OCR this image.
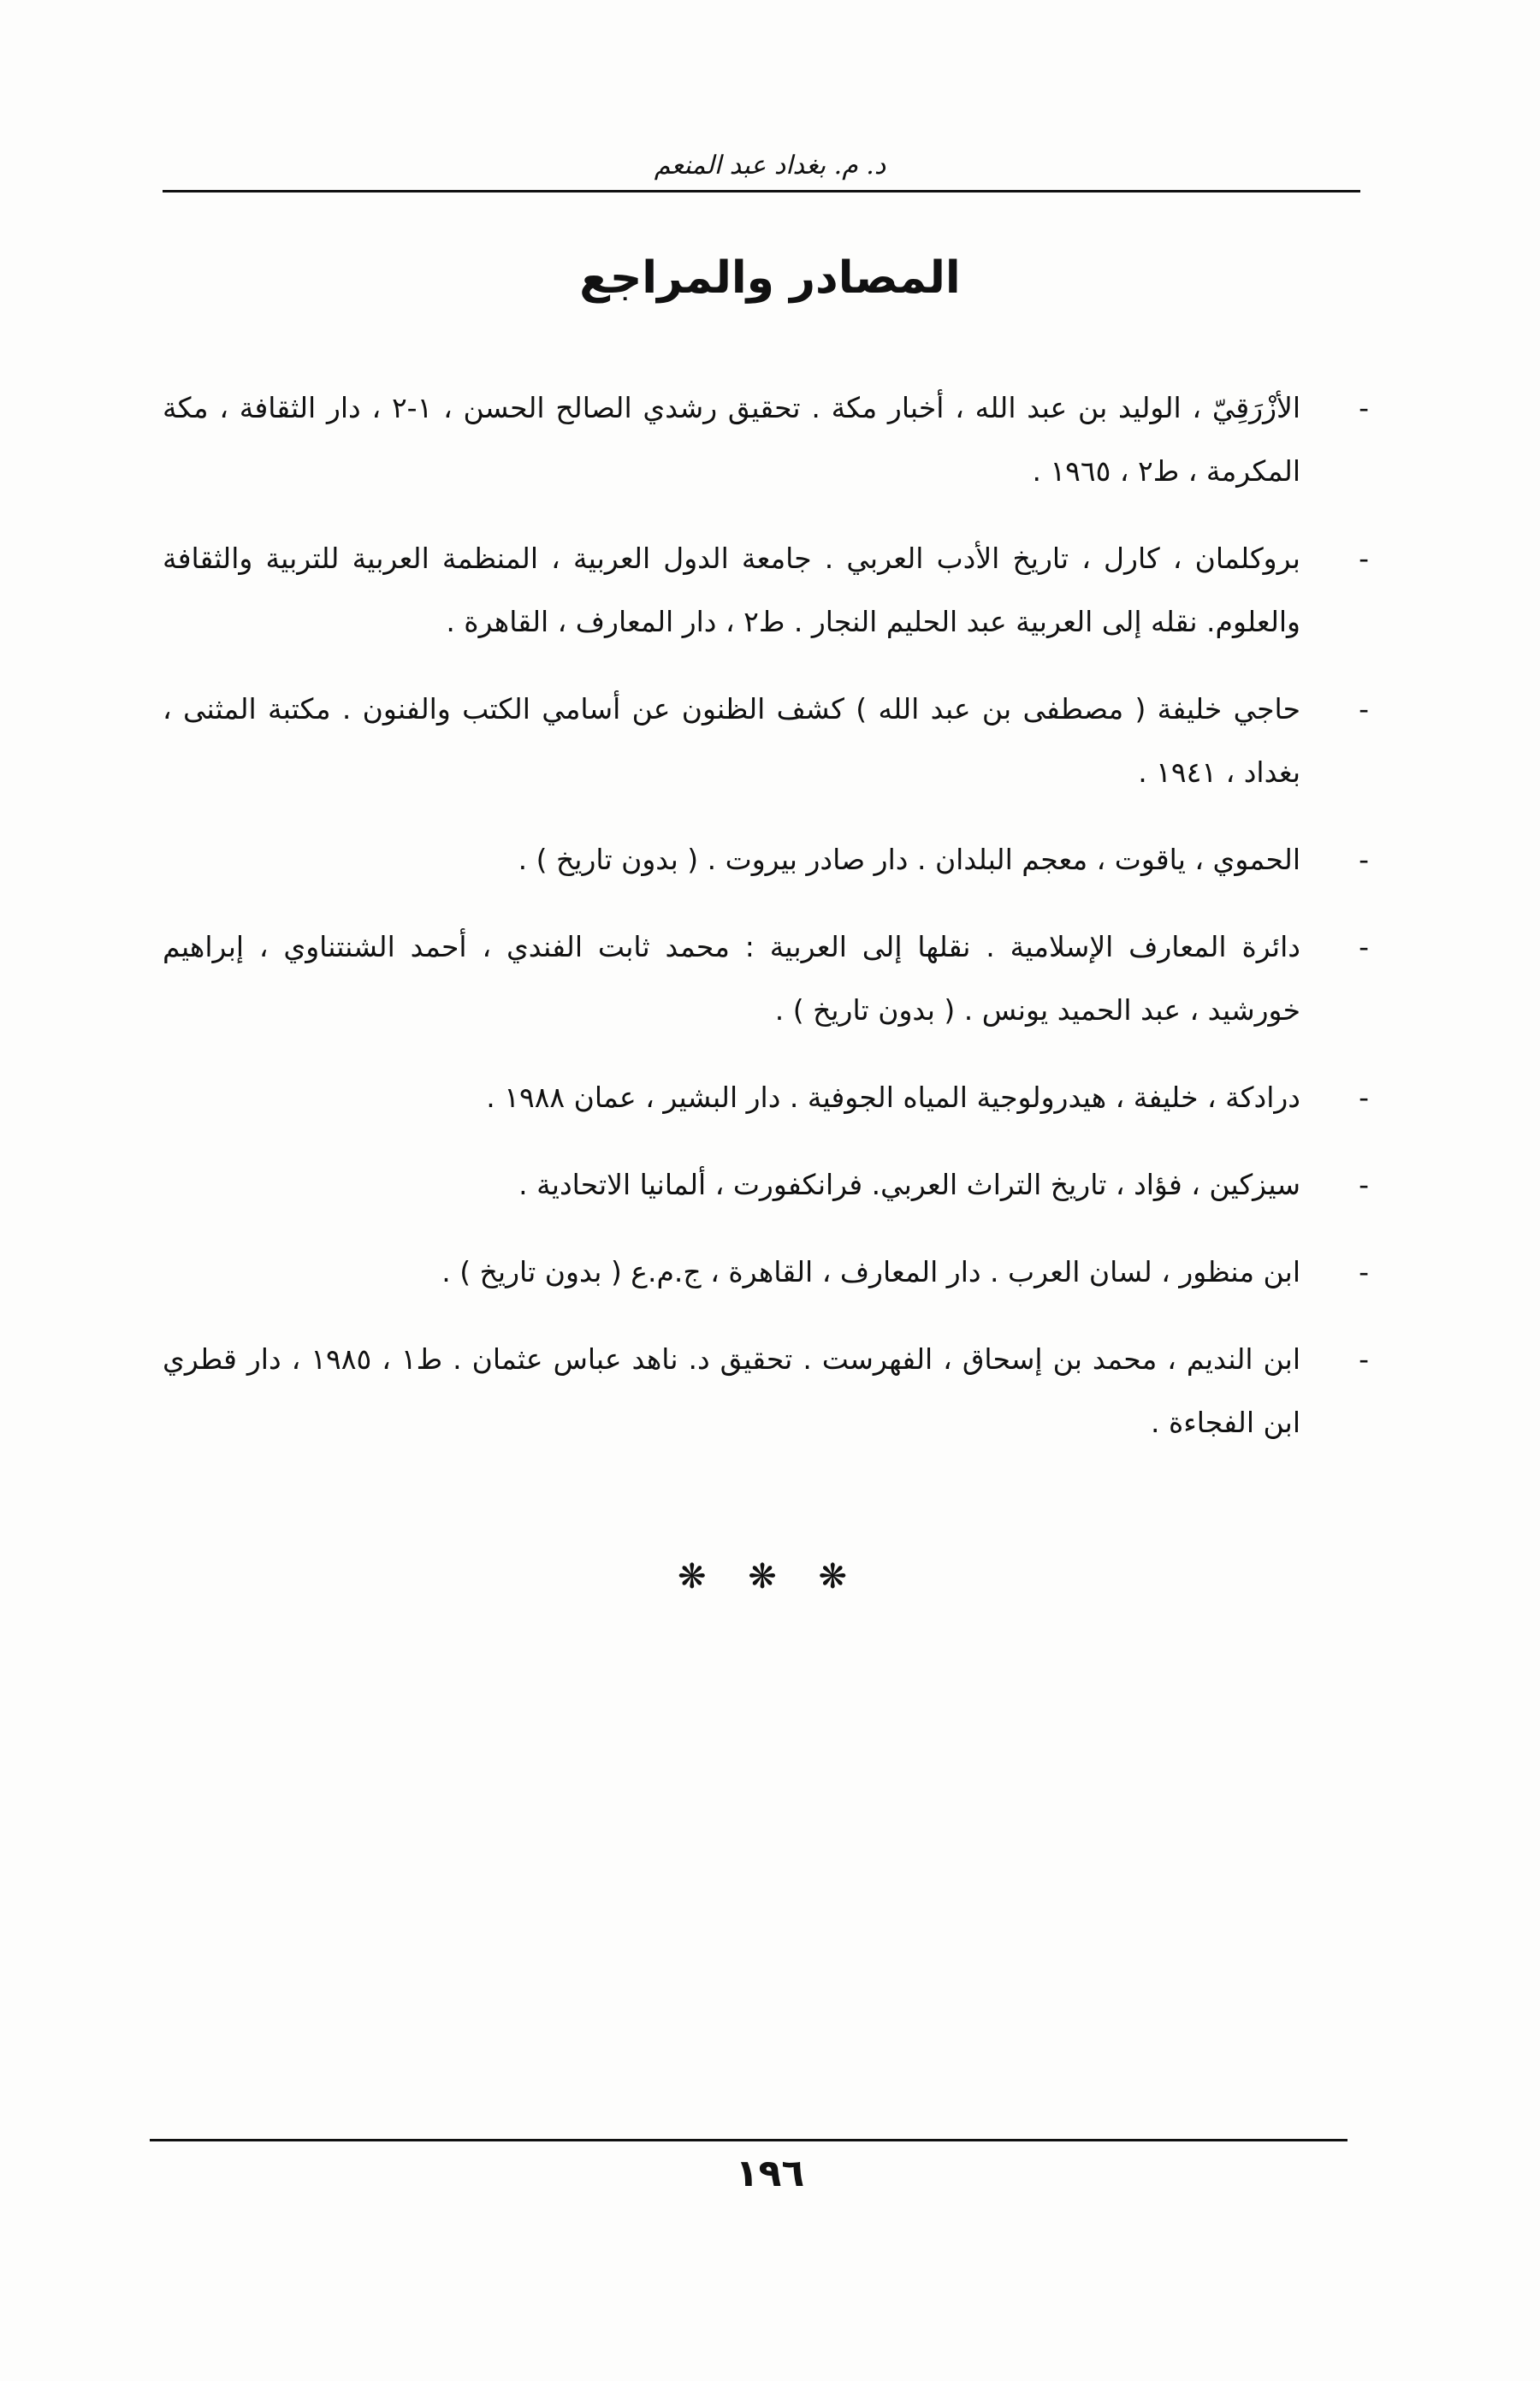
د. م. بغداد عبد المنعم
المصادر والمراجع
-
الأزْرَقِيّ ، الوليد بن عبد الله ، أخبار مكة . تحقيق رشدي الصالح الحسن ، ١-٢ ، دار الثقافة ، مكة المكرمة ، ط٢ ، ١٩٦٥ .
-
بروكلمان ، كارل ، تاريخ الأدب العربي . جامعة الدول العربية ، المنظمة العربية للتربية والثقافة والعلوم. نقله إلى العربية عبد الحليم النجار . ط٢ ، دار المعارف ، القاهرة .
-
حاجي خليفة ( مصطفى بن عبد الله ) كشف الظنون عن أسامي الكتب والفنون . مكتبة المثنى ، بغداد ، ١٩٤١ .
-
الحموي ، ياقوت ، معجم البلدان . دار صادر بيروت . ( بدون تاريخ ) .
-
دائرة المعارف الإسلامية . نقلها إلى العربية : محمد ثابت الفندي ، أحمد الشنتناوي ، إبراهيم خورشيد ، عبد الحميد يونس . ( بدون تاريخ ) .
-
درادكة ، خليفة ، هيدرولوجية المياه الجوفية . دار البشير ، عمان ١٩٨٨ .
-
سيزكين ، فؤاد ، تاريخ التراث العربي. فرانكفورت ، ألمانيا الاتحادية .
-
ابن منظور ، لسان العرب . دار المعارف ، القاهرة ، ج.م.ع ( بدون تاريخ ) .
-
ابن النديم ، محمد بن إسحاق ، الفهرست . تحقيق د. ناهد عباس عثمان . ط١ ، ١٩٨٥ ، دار قطري ابن الفجاءة .
❋ ❋ ❋
١٩٦
